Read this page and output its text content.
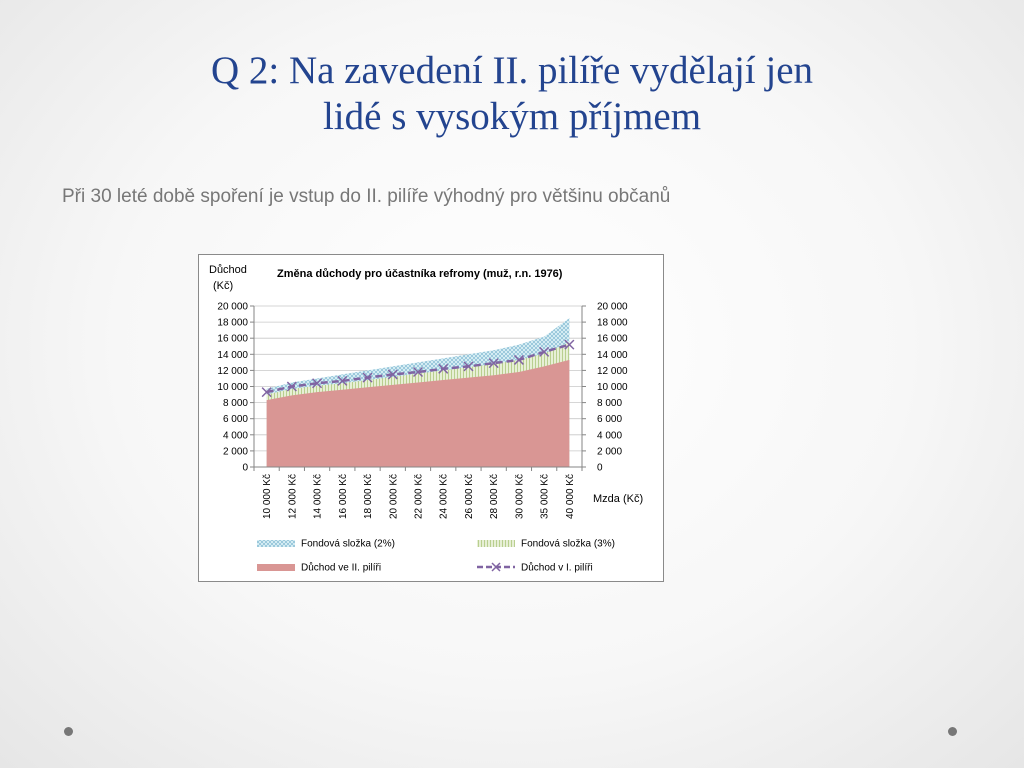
Q 2: Na zavedení II. pilíře vydělají jen
lidé s vysokým příjmem
Při 30 leté době spoření je vstup do II. pilíře výhodný pro většinu občanů
Změna důchody pro účastníka refromy (muž, r.n. 1976)
Důchod
(Kč)
Mzda (Kč)
0
2 000
4 000
6 000
8 000
10 000
12 000
14 000
16 000
18 000
20 000
0
2 000
4 000
6 000
8 000
10 000
12 000
14 000
16 000
18 000
20 000
10 000 Kč 12 000 Kč 14 000 Kč 16 000 Kč 18 000 Kč 20 000 Kč 22 000 Kč 24 000 Kč 26 000 Kč 28 000 Kč 30 000 Kč 35 000 Kč 40 000 Kč
Fondová složka (2%)	Fondová složka (3%)
Důchod ve II. pilíři	Důchod v I. pilíři
